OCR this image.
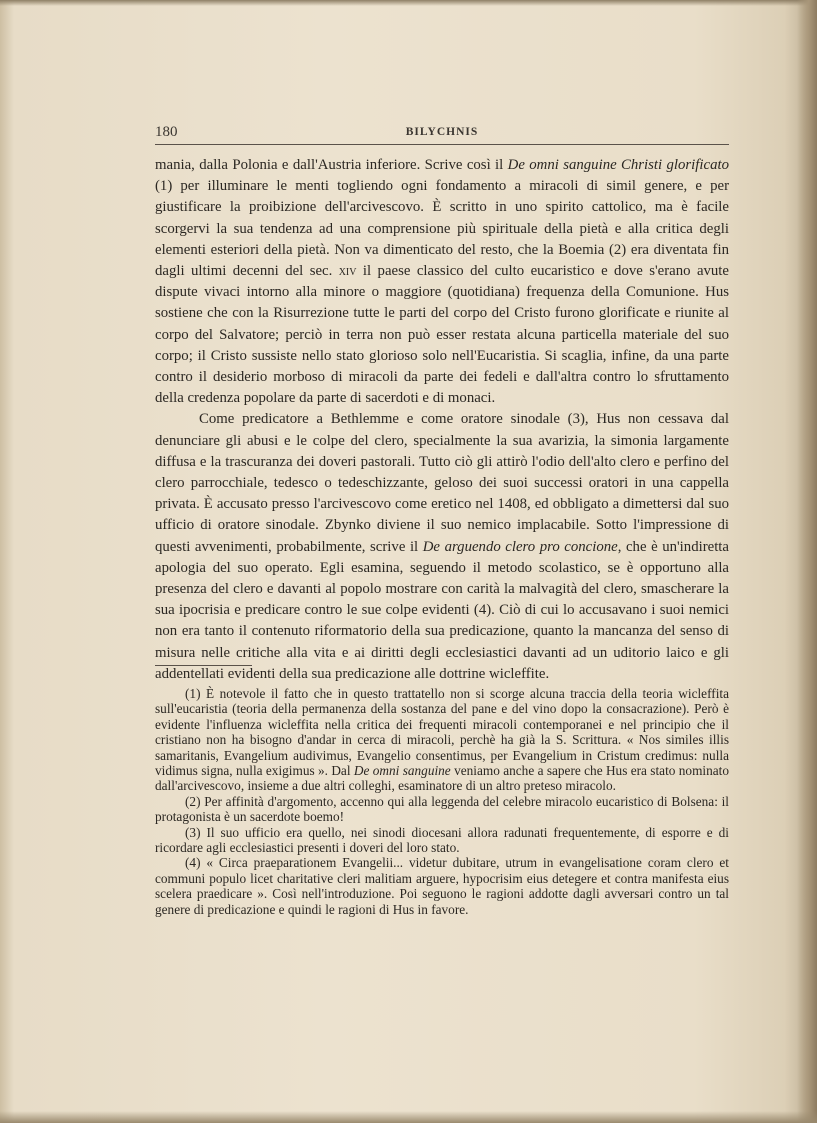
180	BILYCHNIS

mania, dalla Polonia e dall'Austria inferiore. Scrive così il De omni sanguine Christi glorificato (1) per illuminare le menti togliendo ogni fondamento a miracoli di simil genere, e per giustificare la proibizione dell'arcivescovo. È scritto in uno spirito cattolico, ma è facile scorgervi la sua tendenza ad una comprensione più spirituale della pietà e alla critica degli elementi esteriori della pietà. Non va dimenticato del resto, che la Boemia (2) era diventata fin dagli ultimi decenni del sec. xiv il paese classico del culto eucaristico e dove s'erano avute dispute vivaci intorno alla minore o maggiore (quotidiana) frequenza della Comunione. Hus sostiene che con la Risurrezione tutte le parti del corpo del Cristo furono glorificate e riunite al corpo del Salvatore; perciò in terra non può esser restata alcuna particella materiale del suo corpo; il Cristo sussiste nello stato glorioso solo nell'Eucaristia. Si scaglia, infine, da una parte contro il desiderio morboso di miracoli da parte dei fedeli e dall'altra contro lo sfruttamento della credenza popolare da parte di sacerdoti e di monaci.

Come predicatore a Bethlemme e come oratore sinodale (3), Hus non cessava dal denunciare gli abusi e le colpe del clero, specialmente la sua avarizia, la simonia largamente diffusa e la trascuranza dei doveri pastorali. Tutto ciò gli attirò l'odio dell'alto clero e perfino del clero parrocchiale, tedesco o tedeschizzante, geloso dei suoi successi oratori in una cappella privata. È accusato presso l'arcivescovo come eretico nel 1408, ed obbligato a dimettersi dal suo ufficio di oratore sinodale. Zbynko diviene il suo nemico implacabile. Sotto l'impressione di questi avvenimenti, probabilmente, scrive il De arguendo clero pro concione, che è un'indiretta apologia del suo operato. Egli esamina, seguendo il metodo scolastico, se è opportuno alla presenza del clero e davanti al popolo mostrare con carità la malvagità del clero, smascherare la sua ipocrisia e predicare contro le sue colpe evidenti (4). Ciò di cui lo accusavano i suoi nemici non era tanto il contenuto riformatorio della sua predicazione, quanto la mancanza del senso di misura nelle critiche alla vita e ai diritti degli ecclesiastici davanti ad un uditorio laico e gli addentellati evidenti della sua predicazione alle dottrine wicleffite.

(1) È notevole il fatto che in questo trattatello non si scorge alcuna traccia della teoria wicleffita sull'eucaristia (teoria della permanenza della sostanza del pane e del vino dopo la consacrazione). Però è evidente l'influenza wicleffita nella critica dei frequenti miracoli contemporanei e nel principio che il cristiano non ha bisogno d'andar in cerca di miracoli, perchè ha già la S. Scrittura. « Nos similes illis samaritanis, Evangelium audivimus, Evangelio consentimus, per Evangelium in Cristum credimus: nulla vidimus signa, nulla exigimus ». Dal De omni sanguine veniamo anche a sapere che Hus era stato nominato dall'arcivescovo, insieme a due altri colleghi, esaminatore di un altro preteso miracolo.

(2) Per affinità d'argomento, accenno qui alla leggenda del celebre miracolo eucaristico di Bolsena: il protagonista è un sacerdote boemo!

(3) Il suo ufficio era quello, nei sinodi diocesani allora radunati frequentemente, di esporre e di ricordare agli ecclesiastici presenti i doveri del loro stato.

(4) « Circa praeparationem Evangelii... videtur dubitare, utrum in evangelisatione coram clero et communi populo licet charitative cleri malitiam arguere, hypocrisim eius detegere et contra manifesta eius scelera praedicare ». Così nell'introduzione. Poi seguono le ragioni addotte dagli avversari contro un tal genere di predicazione e quindi le ragioni di Hus in favore.
